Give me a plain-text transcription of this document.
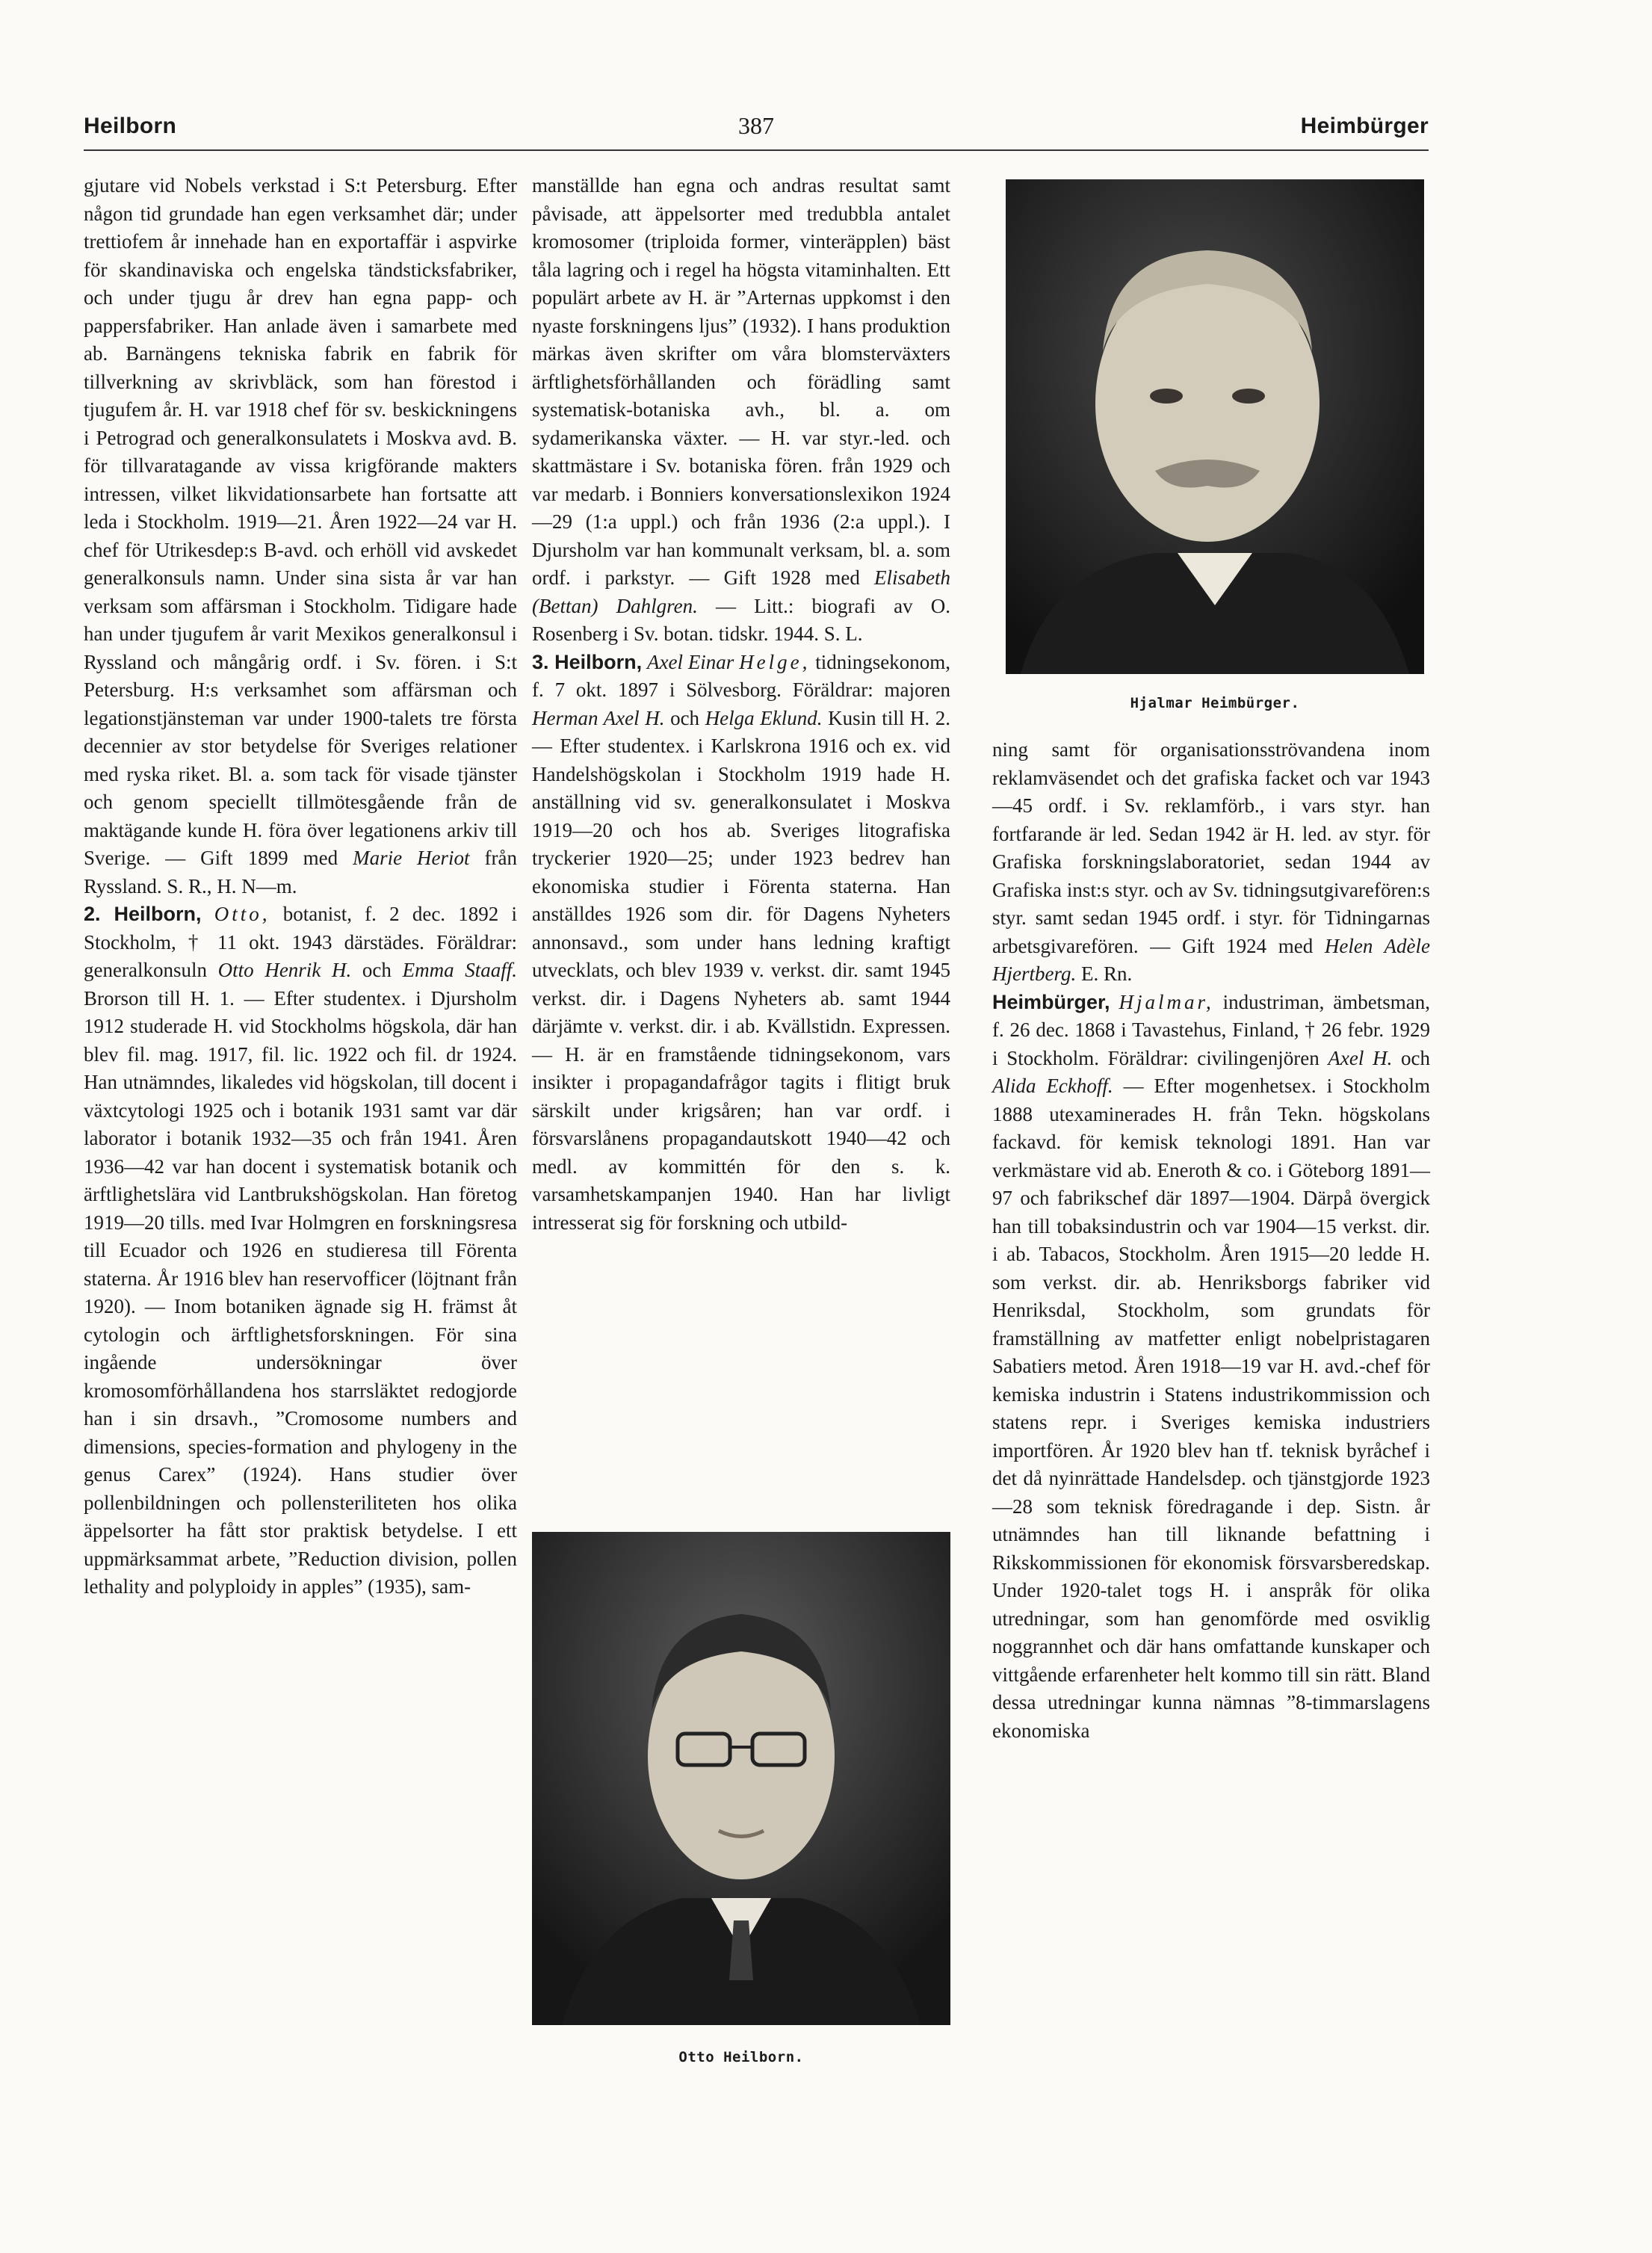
Heilborn	387	Heimbürger

gjutare vid Nobels verkstad i S:t Petersburg. Efter någon tid grundade han egen verksamhet där; under trettiofem år innehade han en exportaffär i aspvirke för skandinaviska och engelska tändsticksfabriker, och under tjugu år drev han egna papp- och pappersfabriker. Han anlade även i samarbete med ab. Barnängens tekniska fabrik en fabrik för tillverkning av skrivbläck, som han förestod i tjugufem år. H. var 1918 chef för sv. beskickningens i Petrograd och generalkonsulatets i Moskva avd. B. för tillvaratagande av vissa krigförande makters intressen, vilket likvidationsarbete han fortsatte att leda i Stockholm. 1919—21. Åren 1922—24 var H. chef för Utrikesdep:s B-avd. och erhöll vid avskedet generalkonsuls namn. Under sina sista år var han verksam som affärsman i Stockholm. Tidigare hade han under tjugufem år varit Mexikos generalkonsul i Ryssland och mångårig ordf. i Sv. fören. i S:t Petersburg. H:s verksamhet som affärsman och legationstjänsteman var under 1900-talets tre första decennier av stor betydelse för Sveriges relationer med ryska riket. Bl. a. som tack för visade tjänster och genom speciellt tillmötesgående från de maktägande kunde H. föra över legationens arkiv till Sverige. — Gift 1899 med Marie Heriot från Ryssland. S. R., H. N—m.

2. Heilborn, Otto, botanist, f. 2 dec. 1892 i Stockholm, † 11 okt. 1943 därstädes. Föräldrar: generalkonsuln Otto Henrik H. och Emma Staaff. Brorson till H. 1. — Efter studentex. i Djursholm 1912 studerade H. vid Stockholms högskola, där han blev fil. mag. 1917, fil. lic. 1922 och fil. dr 1924. Han utnämndes, likaledes vid högskolan, till docent i växtcytologi 1925 och i botanik 1931 samt var där laborator i botanik 1932—35 och från 1941. Åren 1936—42 var han docent i systematisk botanik och ärftlighetslära vid Lantbrukshögskolan. Han företog 1919—20 tills. med Ivar Holmgren en forskningsresa till Ecuador och 1926 en studieresa till Förenta staterna. År 1916 blev han reservofficer (löjtnant från 1920). — Inom botaniken ägnade sig H. främst åt cytologin och ärftlighetsforskningen. För sina ingående undersökningar över kromosomförhållandena hos starrsläktet redogjorde han i sin drsavh., ”Cromosome numbers and dimensions, species-formation and phylogeny in the genus Carex” (1924). Hans studier över pollenbildningen och pollensteriliteten hos olika äppelsorter ha fått stor praktisk betydelse. I ett uppmärksammat arbete, ”Reduction division, pollen lethality and polyploidy in apples” (1935), sam-

manställde han egna och andras resultat samt påvisade, att äppelsorter med tredubbla antalet kromosomer (triploida former, vinteräpplen) bäst tåla lagring och i regel ha högsta vitaminhalten. Ett populärt arbete av H. är ”Arternas uppkomst i den nyaste forskningens ljus” (1932). I hans produktion märkas även skrifter om våra blomsterväxters ärftlighetsförhållanden och förädling samt systematisk-botaniska avh., bl. a. om sydamerikanska växter. — H. var styr.-led. och skattmästare i Sv. botaniska fören. från 1929 och var medarb. i Bonniers konversationslexikon 1924—29 (1:a uppl.) och från 1936 (2:a uppl.). I Djursholm var han kommunalt verksam, bl. a. som ordf. i parkstyr. — Gift 1928 med Elisabeth (Bettan) Dahlgren. — Litt.: biografi av O. Rosenberg i Sv. botan. tidskr. 1944. S. L.

3. Heilborn, Axel Einar Helge, tidningsekonom, f. 7 okt. 1897 i Sölvesborg. Föräldrar: majoren Herman Axel H. och Helga Eklund. Kusin till H. 2. — Efter studentex. i Karlskrona 1916 och ex. vid Handelshögskolan i Stockholm 1919 hade H. anställning vid sv. generalkonsulatet i Moskva 1919—20 och hos ab. Sveriges litografiska tryckerier 1920—25; under 1923 bedrev han ekonomiska studier i Förenta staterna. Han anställdes 1926 som dir. för Dagens Nyheters annonsavd., som under hans ledning kraftigt utvecklats, och blev 1939 v. verkst. dir. samt 1945 verkst. dir. i Dagens Nyheters ab. samt 1944 därjämte v. verkst. dir. i ab. Kvällstidn. Expressen. — H. är en framstående tidningsekonom, vars insikter i propagandafrågor tagits i flitigt bruk särskilt under krigsåren; han var ordf. i försvarslånens propagandautskott 1940—42 och medl. av kommittén för den s. k. varsamhetskampanjen 1940. Han har livligt intresserat sig för forskning och utbild-

Otto Heilborn.
Hjalmar Heimbürger.

ning samt för organisationsströvandena inom reklamväsendet och det grafiska facket och var 1943—45 ordf. i Sv. reklamförb., i vars styr. han fortfarande är led. Sedan 1942 är H. led. av styr. för Grafiska forskningslaboratoriet, sedan 1944 av Grafiska inst:s styr. och av Sv. tidningsutgivarefören:s styr. samt sedan 1945 ordf. i styr. för Tidningarnas arbetsgivarefören. — Gift 1924 med Helen Adèle Hjertberg. E. Rn.

Heimbürger, Hjalmar, industriman, ämbetsman, f. 26 dec. 1868 i Tavastehus, Finland, † 26 febr. 1929 i Stockholm. Föräldrar: civilingenjören Axel H. och Alida Eckhoff. — Efter mogenhetsex. i Stockholm 1888 utexaminerades H. från Tekn. högskolans fackavd. för kemisk teknologi 1891. Han var verkmästare vid ab. Eneroth & co. i Göteborg 1891—97 och fabrikschef där 1897—1904. Därpå övergick han till tobaksindustrin och var 1904—15 verkst. dir. i ab. Tabacos, Stockholm. Åren 1915—20 ledde H. som verkst. dir. ab. Henriksborgs fabriker vid Henriksdal, Stockholm, som grundats för framställning av matfetter enligt nobelpristagaren Sabatiers metod. Åren 1918—19 var H. avd.-chef för kemiska industrin i Statens industrikommission och statens repr. i Sveriges kemiska industriers importfören. År 1920 blev han tf. teknisk byråchef i det då nyinrättade Handelsdep. och tjänstgjorde 1923—28 som teknisk föredragande i dep. Sistn. år utnämndes han till liknande befattning i Rikskommissionen för ekonomisk försvarsberedskap. Under 1920-talet togs H. i anspråk för olika utredningar, som han genomförde med osviklig noggrannhet och där hans omfattande kunskaper och vittgående erfarenheter helt kommo till sin rätt. Bland dessa utredningar kunna nämnas ”8-timmarslagens ekonomiska
